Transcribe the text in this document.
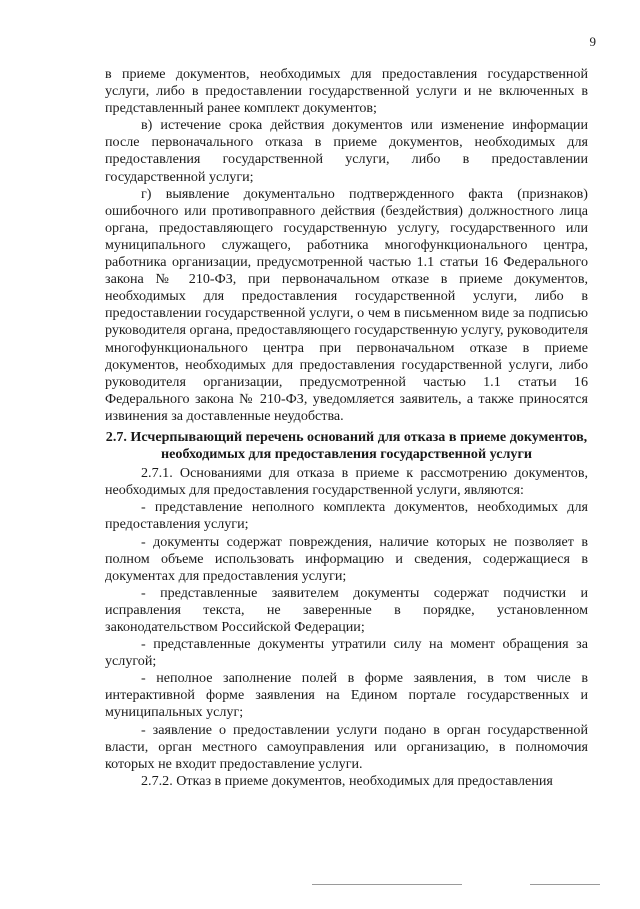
9

в приеме документов, необходимых для предоставления государственной услуги, либо в предоставлении государственной услуги и не включенных в представленный ранее комплект документов;

в) истечение срока действия документов или изменение информации после первоначального отказа в приеме документов, необходимых для предоставления государственной услуги, либо в предоставлении государственной услуги;

г) выявление документально подтвержденного факта (признаков) ошибочного или противоправного действия (бездействия) должностного лица органа, предоставляющего государственную услугу, государственного или муниципального служащего, работника многофункционального центра, работника организации, предусмотренной частью 1.1 статьи 16 Федерального закона № 210-ФЗ, при первоначальном отказе в приеме документов, необходимых для предоставления государственной услуги, либо в предоставлении государственной услуги, о чем в письменном виде за подписью руководителя органа, предоставляющего государственную услугу, руководителя многофункционального центра при первоначальном отказе в приеме документов, необходимых для предоставления государственной услуги, либо руководителя организации, предусмотренной частью 1.1 статьи 16 Федерального закона № 210-ФЗ, уведомляется заявитель, а также приносятся извинения за доставленные неудобства.

2.7. Исчерпывающий перечень оснований для отказа в приеме документов, необходимых для предоставления государственной услуги

2.7.1. Основаниями для отказа в приеме к рассмотрению документов, необходимых для предоставления государственной услуги, являются:

- представление неполного комплекта документов, необходимых для предоставления услуги;

- документы содержат повреждения, наличие которых не позволяет в полном объеме использовать информацию и сведения, содержащиеся в документах для предоставления услуги;

- представленные заявителем документы содержат подчистки и исправления текста, не заверенные в порядке, установленном законодательством Российской Федерации;

- представленные документы утратили силу на момент обращения за услугой;

- неполное заполнение полей в форме заявления, в том числе в интерактивной форме заявления на Едином портале государственных и муниципальных услуг;

- заявление о предоставлении услуги подано в орган государственной власти, орган местного самоуправления или организацию, в полномочия которых не входит предоставление услуги.

2.7.2. Отказ в приеме документов, необходимых для предоставления
